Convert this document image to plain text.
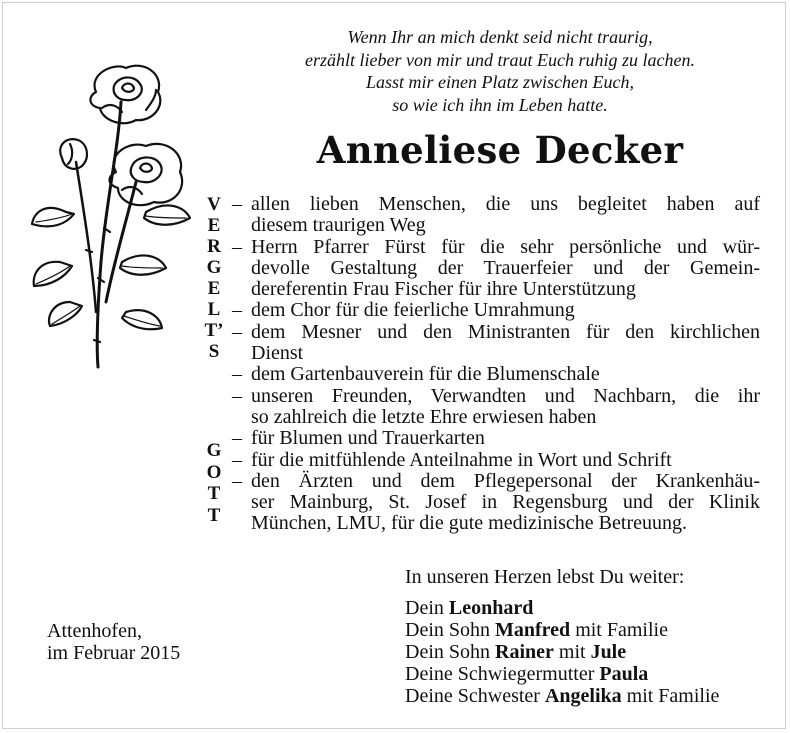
Wenn Ihr an mich denkt seid nicht traurig,
erzählt lieber von mir und traut Euch ruhig zu lachen.
Lasst mir einen Platz zwischen Euch,
so wie ich ihn im Leben hatte.
Anneliese Decker
V
E
R
G
E
L
T’
S
G
O
T
T
– allen lieben Menschen, die uns begleitet haben auf
diesem traurigen Weg
– Herrn Pfarrer Fürst für die sehr persönliche und wür-
devolle Gestaltung der Trauerfeier und der Gemein-
dereferentin Frau Fischer für ihre Unterstützung
– dem Chor für die feierliche Umrahmung
– dem Mesner und den Ministranten für den kirchlichen
Dienst
– dem Gartenbauverein für die Blumenschale
– unseren Freunden, Verwandten und Nachbarn, die ihr
so zahlreich die letzte Ehre erwiesen haben
– für Blumen und Trauerkarten
– für die mitfühlende Anteilnahme in Wort und Schrift
– den Ärzten und dem Pflegepersonal der Krankenhäu-
ser Mainburg, St. Josef in Regensburg und der Klinik
München, LMU, für die gute medizinische Betreuung.
Attenhofen,
im Februar 2015
In unseren Herzen lebst Du weiter:
Dein Leonhard
Dein Sohn Manfred mit Familie
Dein Sohn Rainer mit Jule
Deine Schwiegermutter Paula
Deine Schwester Angelika mit Familie
